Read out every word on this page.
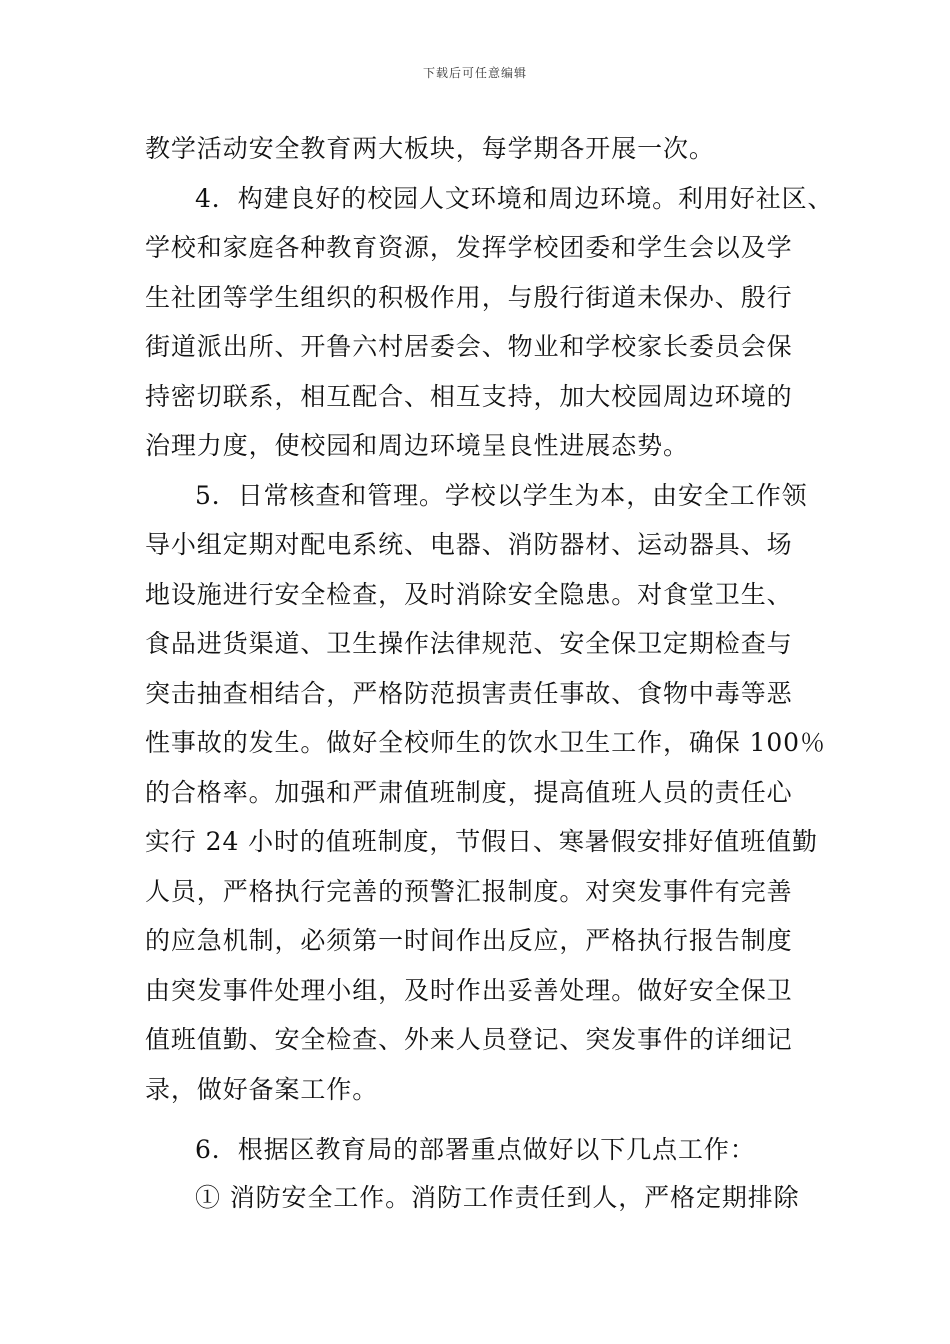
下载后可任意编辑
教学活动安全教育两大板块，每学期各开展一次。
4．构建良好的校园人文环境和周边环境。利用好社区、
学校和家庭各种教育资源，发挥学校团委和学生会以及学
生社团等学生组织的积极作用，与殷行街道未保办、殷行
街道派出所、开鲁六村居委会、物业和学校家长委员会保
持密切联系，相互配合、相互支持，加大校园周边环境的
治理力度，使校园和周边环境呈良性进展态势。
5．日常核查和管理。学校以学生为本，由安全工作领
导小组定期对配电系统、电器、消防器材、运动器具、场
地设施进行安全检查，及时消除安全隐患。对食堂卫生、
食品进货渠道、卫生操作法律规范、安全保卫定期检查与
突击抽查相结合，严格防范损害责任事故、食物中毒等恶
性事故的发生。做好全校师生的饮水卫生工作，确保 100％
的合格率。加强和严肃值班制度，提高值班人员的责任心
实行 24 小时的值班制度，节假日、寒暑假安排好值班值勤
人员，严格执行完善的预警汇报制度。对突发事件有完善
的应急机制，必须第一时间作出反应，严格执行报告制度
由突发事件处理小组，及时作出妥善处理。做好安全保卫
值班值勤、安全检查、外来人员登记、突发事件的详细记
录，做好备案工作。
6．根据区教育局的部署重点做好以下几点工作：
① 消防安全工作。消防工作责任到人，严格定期排除
